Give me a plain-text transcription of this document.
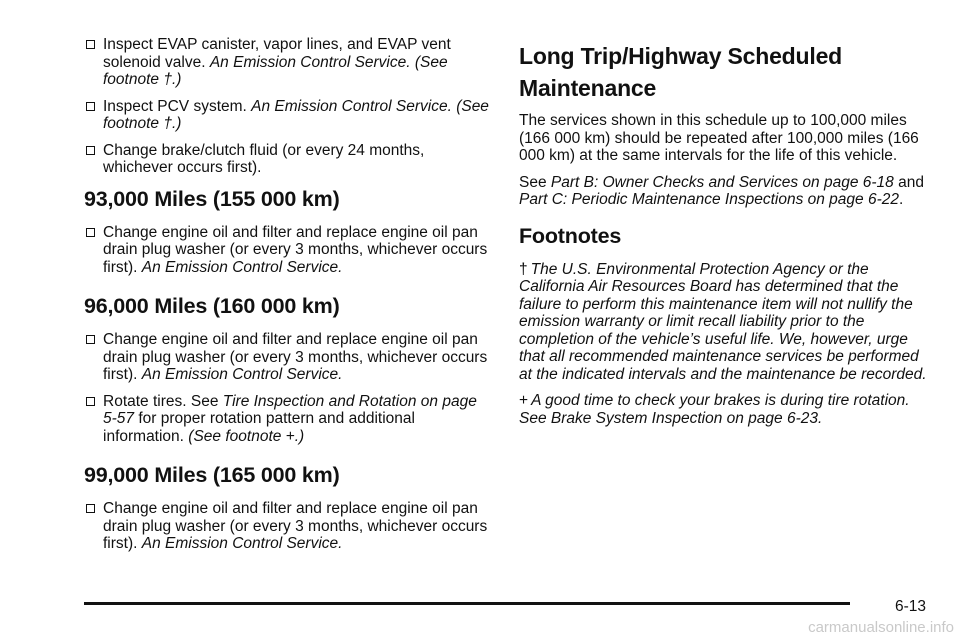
Inspect EVAP canister, vapor lines, and EVAP vent solenoid valve. An Emission Control Service. (See footnote †.)
Inspect PCV system. An Emission Control Service. (See footnote †.)
Change brake/clutch fluid (or every 24 months, whichever occurs first).
93,000 Miles (155 000 km)
Change engine oil and filter and replace engine oil pan drain plug washer (or every 3 months, whichever occurs first). An Emission Control Service.
96,000 Miles (160 000 km)
Change engine oil and filter and replace engine oil pan drain plug washer (or every 3 months, whichever occurs first). An Emission Control Service.
Rotate tires. See Tire Inspection and Rotation on page 5-57 for proper rotation pattern and additional information. (See footnote +.)
99,000 Miles (165 000 km)
Change engine oil and filter and replace engine oil pan drain plug washer (or every 3 months, whichever occurs first). An Emission Control Service.
Long Trip/Highway Scheduled
Maintenance

The services shown in this schedule up to 100,000 miles (166 000 km) should be repeated after 100,000 miles (166 000 km) at the same intervals for the life of this vehicle.

See Part B: Owner Checks and Services on page 6-18 and Part C: Periodic Maintenance Inspections on page 6-22.

Footnotes

† The U.S. Environmental Protection Agency or the California Air Resources Board has determined that the failure to perform this maintenance item will not nullify the emission warranty or limit recall liability prior to the completion of the vehicle’s useful life. We, however, urge that all recommended maintenance services be performed at the indicated intervals and the maintenance be recorded.

+ A good time to check your brakes is during tire rotation. See Brake System Inspection on page 6-23.

6-13
carmanualsonline.info
